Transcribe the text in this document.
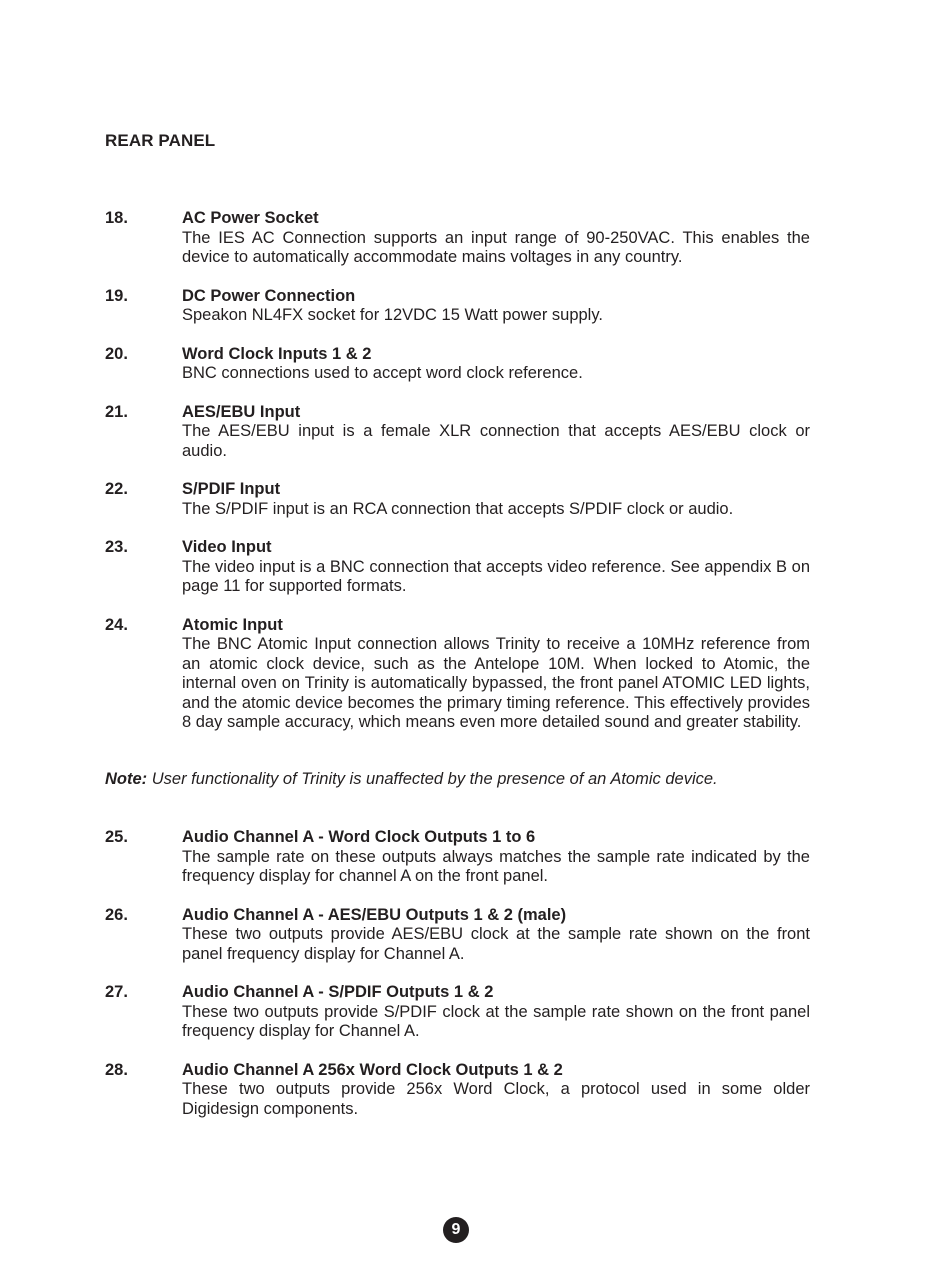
REAR PANEL
18.	AC Power Socket
The IES AC Connection supports an input range of 90-250VAC. This enables the device to automatically accommodate mains voltages in any country.
19.	DC Power Connection
Speakon NL4FX socket for 12VDC 15 Watt power supply.
20.	Word Clock Inputs 1 & 2
BNC connections used to accept word clock reference.
21.	AES/EBU Input
The AES/EBU input is a female XLR connection that accepts AES/EBU clock or audio.
22.	S/PDIF Input
The S/PDIF input is an RCA connection that accepts S/PDIF clock or audio.
23.	Video Input
The video input is a BNC connection that accepts video reference. See appendix B on page 11 for supported formats.
24.	Atomic Input
The BNC Atomic Input connection allows Trinity to receive a 10MHz reference from an atomic clock device, such as the Antelope 10M. When locked to Atomic, the internal oven on Trinity is automatically bypassed, the front panel ATOMIC LED lights, and the atomic device becomes the primary timing reference. This effectively provides 8 day sample accuracy, which means even more detailed sound and greater stability.
Note: User functionality of Trinity is unaffected by the presence of an Atomic device.
25.	Audio Channel A - Word Clock Outputs 1 to 6
The sample rate on these outputs always matches the sample rate indicated by the frequency display for channel A on the front panel.
26.	Audio Channel A - AES/EBU Outputs 1 & 2 (male)
These two outputs provide AES/EBU clock at the sample rate shown on the front panel frequency display for Channel A.
27.	Audio Channel A - S/PDIF Outputs 1 & 2
These two outputs provide S/PDIF clock at the sample rate shown on the front panel frequency display for Channel A.
28.	Audio Channel A 256x Word Clock Outputs 1 & 2
These two outputs provide 256x Word Clock, a protocol used in some older Digidesign components.
9
